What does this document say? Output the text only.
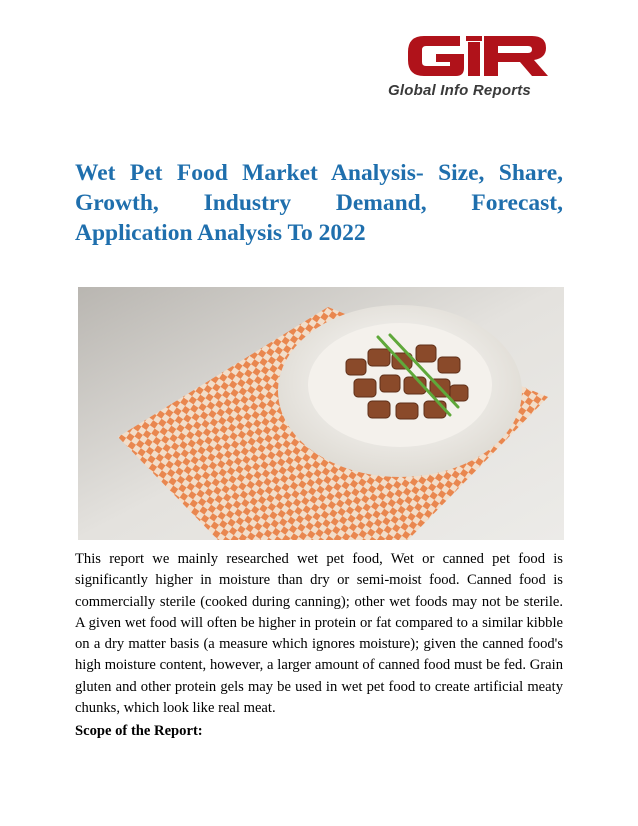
Global Info Reports
Wet Pet Food Market Analysis- Size, Share, Growth, Industry Demand, Forecast, Application Analysis To 2022

This report we mainly researched wet pet food, Wet or canned pet food is significantly higher in moisture than dry or semi-moist food. Canned food is commercially sterile (cooked during canning); other wet foods may not be sterile. A given wet food will often be higher in protein or fat compared to a similar kibble on a dry matter basis (a measure which ignores moisture); given the canned food's high moisture content, however, a larger amount of canned food must be fed. Grain gluten and other protein gels may be used in wet pet food to create artificial meaty chunks, which look like real meat.

Scope of the Report:
